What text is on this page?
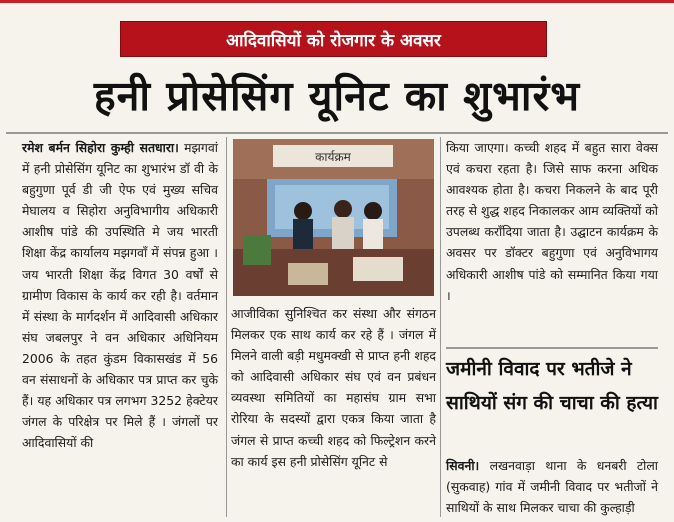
आदिवासियों को रोजगार के अवसर
हनी प्रोसेसिंग यूनिट का शुभारंभ

रमेश बर्मन सिहोरा कुम्ही सतधारा। मझगवां में हनी प्रोसेसिंग यूनिट का शुभारंभ डॉ वी के बहुगुणा पूर्व डी जी ऐफ एवं मुख्य सचिव मेघालय व सिहोरा अनुविभागीय अधिकारी आशीष पांडे की उपस्थिति मे जय भारती शिक्षा केंद्र कार्यालय मझगवाँ में संपन्न हुआ । जय भारती शिक्षा केंद्र विगत 30 वर्षों से ग्रामीण विकास के कार्य कर रही है। वर्तमान में संस्था के मार्गदर्शन में आदिवासी अधिकार संघ जबलपुर ने वन अधिकार अधिनियम 2006 के तहत कुंडम विकासखंड में 56 वन संसाधनों के अधिकार पत्र प्राप्त कर चुके हैं। यह अधिकार पत्र लगभग 3252 हेक्टेयर जंगल के परिक्षेत्र पर मिले हैं । जंगलों पर आदिवासियों की

कार्यक्रम

आजीविका सुनिश्चित कर संस्था और संगठन मिलकर एक साथ कार्य कर रहे हैं । जंगल में मिलने वाली बड़ी मधुमक्खी से प्राप्त हनी शहद को आदिवासी अधिकार संघ एवं वन प्रबंधन व्यवस्था समितियों का महासंघ ग्राम सभा रोरिया के सदस्यों द्वारा एकत्र किया जाता है जंगल से प्राप्त कच्ची शहद को फिल्ट्रेशन करने का कार्य इस हनी प्रोसेसिंग यूनिट से

किया जाएगा। कच्ची शहद में बहुत सारा वेक्स एवं कचरा रहता है। जिसे साफ करना अधिक आवश्यक होता है। कचरा निकलने के बाद पूरी तरह से शुद्ध शहद निकालकर आम व्यक्तियों को उपलब्ध कराँदिया जाता है। उद्घाटन कार्यक्रम के अवसर पर डॉक्टर बहुगुणा एवं अनुविभागय अधिकारी आशीष पांडे को सम्मानित किया गया ।

जमीनी विवाद पर भतीजे ने साथियों संग की चाचा की हत्या

सिवनी। लखनवाड़ा थाना के धनबरी टोला (सुकवाह) गांव में जमीनी विवाद पर भतीजों ने साथियों के साथ मिलकर चाचा की कुल्हाड़ी
